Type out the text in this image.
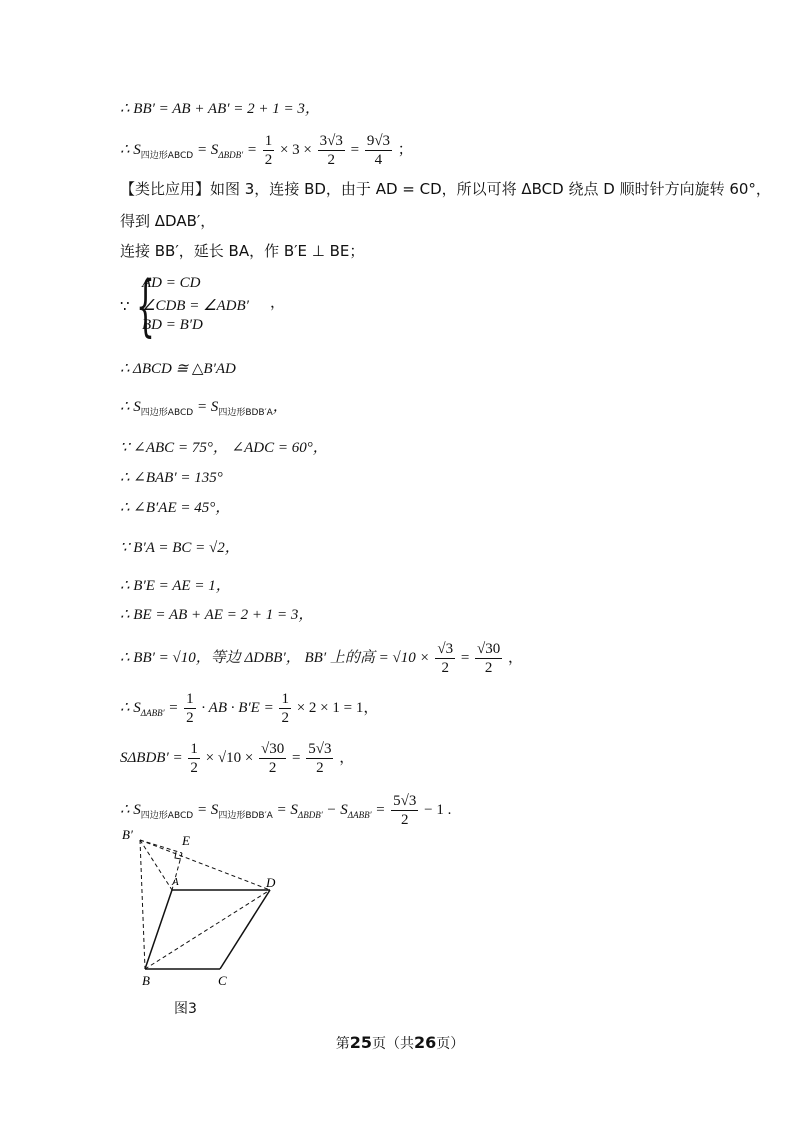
∴ BB′ = AB + AB′ = 2 + 1 = 3，
∴ $S_{四边形ABCD} = S_{\Delta BDB'} = \frac{1}{2} \times 3 \times \frac{3√3}{2} = \frac{9√3}{4}$ ；
【类比应用】如图 3，连接 BD，由于 AD = CD，所以可将 ΔBCD 绕点 D 顺时针方向旋转 60°，
得到 ΔDAB′，
连接 BB′，延长 BA，作 B′E ⊥ BE；
∵ {
AD = CD
∠CDB = ∠ADB′
BD = B′D
，
∴ ΔBCD ≅ △B′AD
∴ $S_{四边形ABCD} = S_{四边形BDB'A}$，
∵ ∠ABC = 75°， ∠ADC = 60°，
∴ ∠BAB′ = 135°
∴ ∠B′AE = 45°，
∵ B′A = BC = √2，
∴ B′E = AE = 1，
∴ BE = AB + AE = 2 + 1 = 3，
∴ BB′ = √10，等边 ΔDBB′， BB′ 上的高 = $√10 \times \frac{√3}{2} = \frac{√30}{2}$ ，
∴ $S_{\Delta ABB'} = \frac{1}{2}$ · AB · $B'E = \frac{1}{2} \times 2 \times 1 = 1$，
$S\Delta BDB' = \frac{1}{2} \times √10 \times \frac{√30}{2} = \frac{5√3}{2}$ ，
∴ $S_{四边形ABCD} = S_{四边形BDB'A} = S_{\Delta BDB'} - S_{\Delta ABB'} = \frac{5√3}{2} - 1$ .
B′	E
A	D
B	C
图3
第25页（共26页）
